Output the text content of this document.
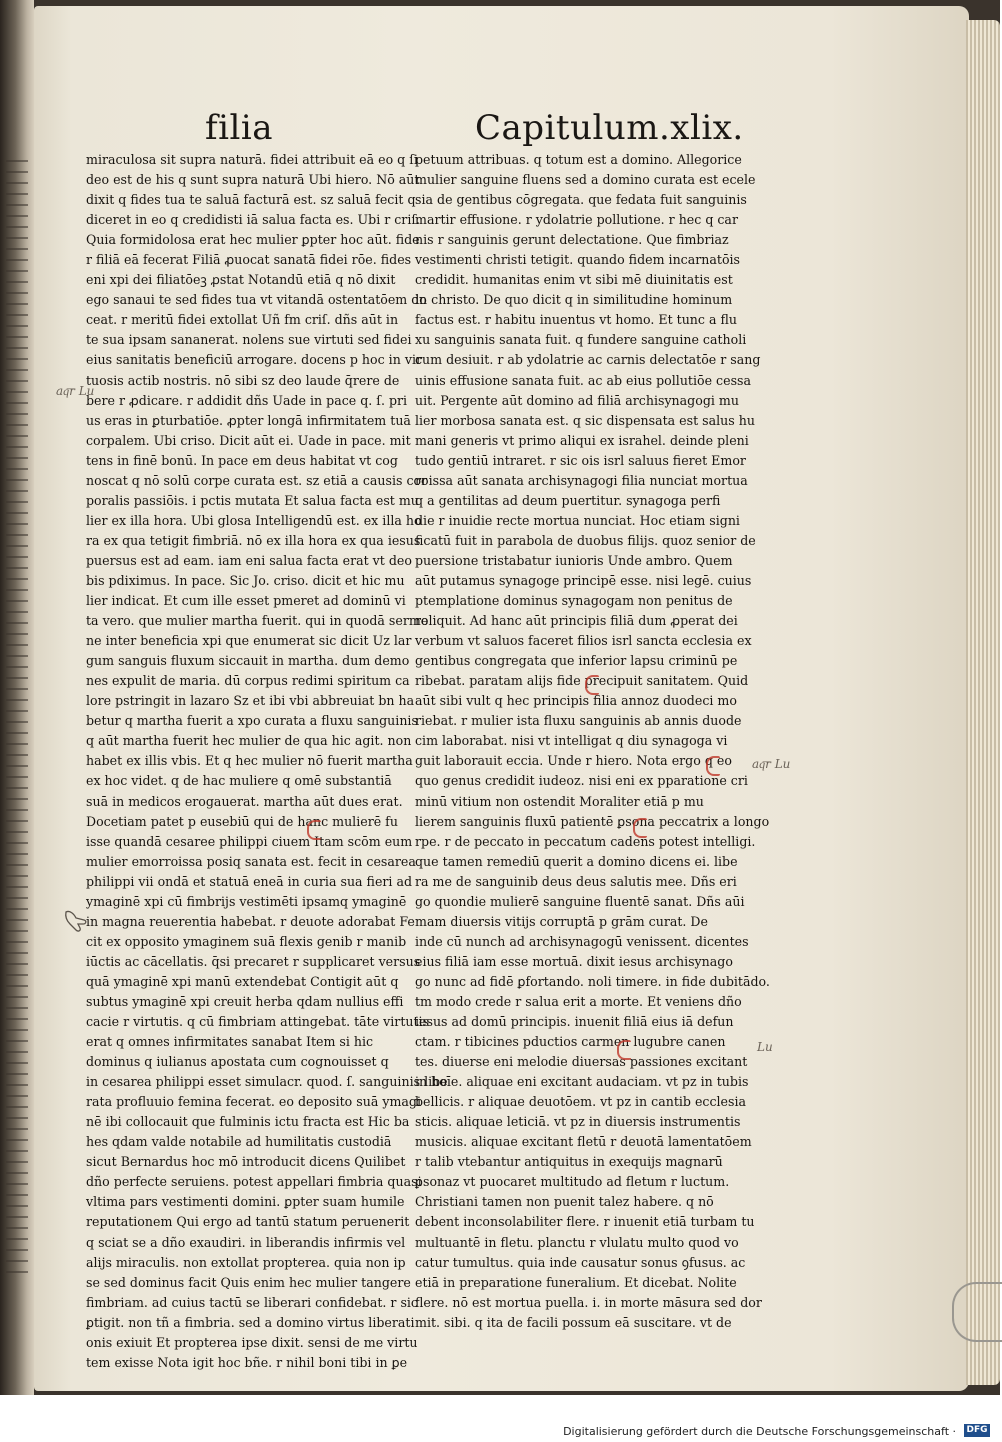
filia	Capitulum.xlix.
miraculosa sit supra naturā. fidei attribuit eā eo q ſi
deo est de his q sunt supra naturā Ubi hiero. Nō aūt
dixit q fides tua te saluā facturā est. sz saluā fecit q
diceret in eo q credidisti iā salua facta es. Ubi r criſ.
Quia formidolosa erat hec mulier ꝑpter hoc aūt. fide
r filiā eā fecerat Filiā ꝓuocat sanatā fidei rōe. fides
eni xpi dei filiatōeꝫ ꝓstat Notandū etiā q nō dixit
ego sanaui te sed fides tua vt vitandā ostentatōem do
ceat. r meritū fidei extollat Uñ fm criſ. dñs aūt in
te sua ipsam sananerat. nolens sue virtuti sed fidei
eius sanitatis beneficiū arrogare. docens p hoc in vir
tuosis actib nostris. nō sibi sz deo laude q̄rere de
bere r ꝓdicare. r addidit dñs Uade in pace q. ſ. pri
us eras in ꝑturbatiōe. ꝓpter longā infirmitatem tuā
corpalem. Ubi criso. Dicit aūt ei. Uade in pace. mit
tens in finē bonū. In pace em deus habitat vt cog
noscat q nō solū corpe curata est. sz etiā a causis cor
poralis passiōis. i pctis mutata Et salua facta est mu
lier ex illa hora. Ubi glosa Intelligendū est. ex illa ho
ra ex qua tetigit fimbriā. nō ex illa hora ex qua iesus
puersus est ad eam. iam eni salua facta erat vt deo
bis pdiximus. In pace. Sic Jo. criso. dicit et hic mu
lier indicat. Et cum ille esset pmeret ad dominū vi
ta vero. que mulier martha fuerit. qui in quodā sermo
ne inter beneficia xpi que enumerat sic dicit Uz lar
gum sanguis fluxum siccauit in martha. dum demo
nes expulit de maria. dū corpus redimi spiritum ca
lore pstringit in lazaro Sz et ibi vbi abbreuiat bn ha
betur q martha fuerit a xpo curata a fluxu sanguinis
q aūt martha fuerit hec mulier de qua hic agit. non
habet ex illis vbis. Et q hec mulier nō fuerit martha
ex hoc videt. q de hac muliere q omē substantiā
suā in medicos erogauerat. martha aūt dues erat.
Docetiam patet p eusebiū qui de hanc mulierē fu
isse quandā cesaree philippi ciuem Itam scōm eum
mulier emorroissa posiq sanata est. fecit in cesarea
philippi vii ondā et statuā eneā in curia sua fieri ad
ymaginē xpi cū fimbrijs vestimēti ipsamq ymaginē
in magna reuerentia habebat. r deuote adorabat Fe
cit ex opposito ymaginem suā flexis genib r manib
iūctis ac cācellatis. q̄si precaret r supplicaret versus
quā ymaginē xpi manū extendebat Contigit aūt q
subtus ymaginē xpi creuit herba qdam nullius effi
cacie r virtutis. q cū fimbriam attingebat. tāte virtutis
erat q omnes infirmitates sanabat Item si hic
dominus q iulianus apostata cum cognouisset q
in cesarea philippi esset simulacr. quod. ſ. sanguinis libe
rata profluuio femina fecerat. eo deposito suā ymagi
nē ibi collocauit que fulminis ictu fracta est Hic ba
hes qdam valde notabile ad humilitatis custodiā
sicut Bernardus hoc mō introducit dicens Quilibet
dño perfecte seruiens. potest appellari fimbria quasi
vltima pars vestimenti domini. ꝑpter suam humile
reputationem Qui ergo ad tantū statum peruenerit
q sciat se a dño exaudiri. in liberandis infirmis vel
alijs miraculis. non extollat propterea. quia non ip
se sed dominus facit Quis enim hec mulier tangere
fimbriam. ad cuius tactū se liberari confidebat. r sic
ꝑtigit. non tñ a fimbria. sed a domino virtus liberati
onis exiuit Et propterea ipse dixit. sensi de me virtu
tem exisse Nota igit hoc bñe. r nihil boni tibi in ꝑe
petuum attribuas. q totum est a domino. Allegorice
mulier sanguine fluens sed a domino curata est ecele
sia de gentibus cōgregata. que fedata fuit sanguinis
martir effusione. r ydolatrie pollutione. r hec q car
nis r sanguinis gerunt delectatione. Que fimbriaz
vestimenti christi tetigit. quando fidem incarnatōis
credidit. humanitas enim vt sibi mē diuinitatis est
in christo. De quo dicit q in similitudine hominum
factus est. r habitu inuentus vt homo. Et tunc a flu
xu sanguinis sanata fuit. q fundere sanguine catholi
cum desiuit. r ab ydolatrie ac carnis delectatōe r sang
uinis effusione sanata fuit. ac ab eius pollutiōe cessa
uit. Pergente aūt domino ad filiā archisynagogi mu
lier morbosa sanata est. q sic dispensata est salus hu
mani generis vt primo aliqui ex israhel. deinde pleni
tudo gentiū intraret. r sic ois isrl saluus fieret Emor
roissa aūt sanata archisynagogi filia nunciat mortua
q a gentilitas ad deum puertitur. synagoga perfi
die r inuidie recte mortua nunciat. Hoc etiam signi
ficatū fuit in parabola de duobus filijs. quoz senior de
puersione tristabatur iunioris Unde ambro. Quem
aūt putamus synagoge principē esse. nisi legē. cuius
ptemplatione dominus synagogam non penitus de
reliquit. Ad hanc aūt principis filiā dum ꝓperat dei
verbum vt saluos faceret filios isrl sancta ecclesia ex
gentibus congregata que inferior lapsu criminū pe
ribebat. paratam alijs fide precipuit sanitatem. Quid
aūt sibi vult q hec principis filia annoz duodeci mo
riebat. r mulier ista fluxu sanguinis ab annis duode
cim laborabat. nisi vt intelligat q diu synagoga vi
guit laborauit eccia. Unde r hiero. Nota ergo q eo
quo genus credidit iudeoz. nisi eni ex pparatione cri
minū vitium non ostendit Moraliter etiā p mu
lierem sanguinis fluxū patientē ꝑsona peccatrix a longo
rpe. r de peccato in peccatum cadens potest intelligi.
que tamen remediū querit a domino dicens ei. libe
ra me de sanguinib deus deus salutis mee. Dñs eri
go quondie mulierē sanguine fluentē sanat. Dñs aūi
mam diuersis vitijs corruptā p grām curat. De
inde cū nunch ad archisynagogū venissent. dicentes
eius filiā iam esse mortuā. dixit iesus archisynago
go nunc ad fidē ꝑfortando. noli timere. in fide dubitādo.
tm modo crede r salua erit a morte. Et veniens dño
iesus ad domū principis. inuenit filiā eius iā defun
ctam. r tibicines pductios carmen lugubre canen
tes. diuerse eni melodie diuersas passiones excitant
in hoīe. aliquae eni excitant audaciam. vt pz in tubis
bellicis. r aliquae deuotōem. vt pz in cantib ecclesia
sticis. aliquae leticiā. vt pz in diuersis instrumentis
musicis. aliquae excitant fletū r deuotā lamentatōem
r talib vtebantur antiquitus in exequijs magnarū
ꝑsonaz vt puocaret multitudo ad fletum r luctum.
Christiani tamen non puenit talez habere. q nō
debent inconsolabiliter flere. r inuenit etiā turbam tu
multuantē in fletu. planctu r vlulatu multo quod vo
catur tumultus. quia inde causatur sonus ꝯfusus. ac
etiā in preparatione funeralium. Et dicebat. Nolite
flere. nō est mortua puella. i. in morte māsura sed dor
mit. sibi. q ita de facili possum eā suscitare. vt de
aq͞r Lu
aq͞r Lu
Lu
Digitalisierung gefördert durch die Deutsche Forschungsgemeinschaft · DFG
